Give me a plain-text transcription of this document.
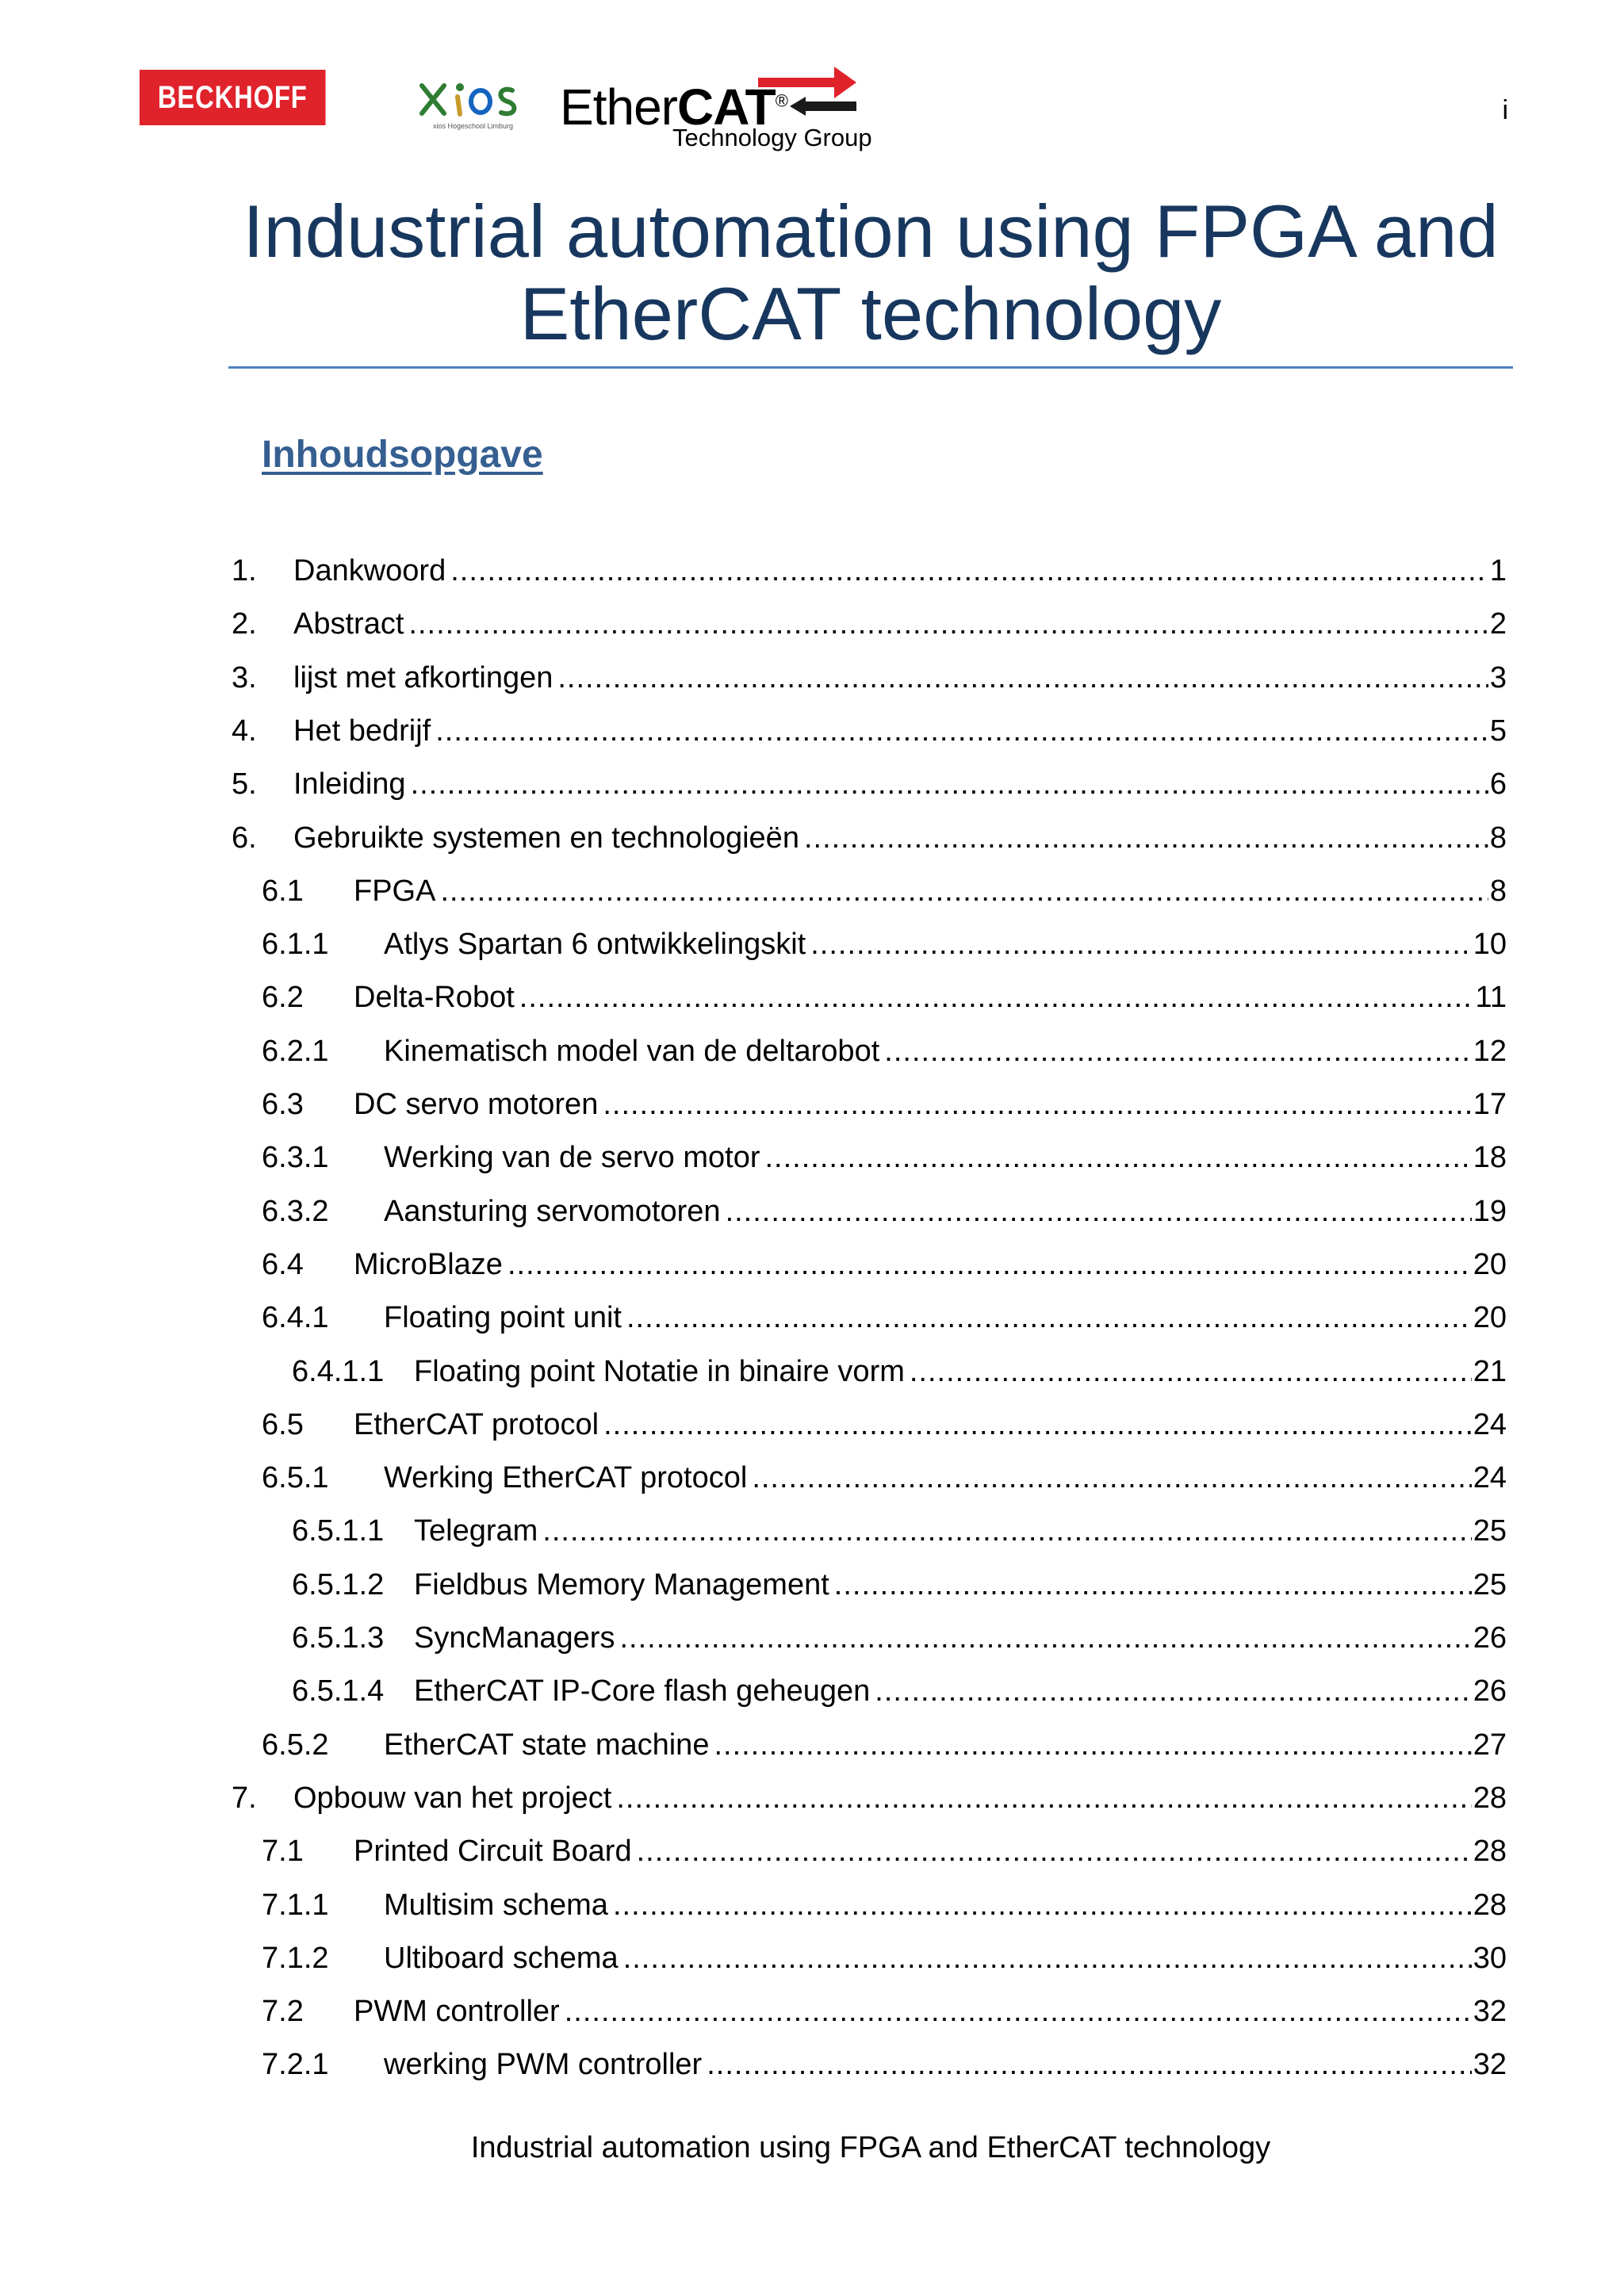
BECKHOFF
xios Hogeschool Limburg EtherCAT®
Technology Group
i
Industrial automation using FPGA and
EtherCAT technology
Inhoudsopgave
1.	Dankwoord .....	1
2.	Abstract .....	2
3.	lijst met afkortingen .....	3
4.	Het bedrijf .....	5
5.	Inleiding .....	6
6.	Gebruikte systemen en technologieën .....	8
6.1	FPGA .....	8
6.1.1	Atlys Spartan 6 ontwikkelingskit .....	10
6.2	Delta-Robot .....	11
6.2.1	Kinematisch model van de deltarobot .....	12
6.3	DC servo motoren .....	17
6.3.1	Werking van de servo motor .....	18
6.3.2	Aansturing servomotoren .....	19
6.4	MicroBlaze .....	20
6.4.1	Floating point unit .....	20
6.4.1.1 Floating point Notatie in binaire vorm .....	21
6.5	EtherCAT protocol .....	24
6.5.1	Werking EtherCAT protocol .....	24
6.5.1.1 Telegram .....	25
6.5.1.2 Fieldbus Memory Management .....	25
6.5.1.3 SyncManagers .....	26
6.5.1.4 EtherCAT IP-Core flash geheugen .....	26
6.5.2	EtherCAT state machine .....	27
7.	Opbouw van het project .....	28
7.1	Printed Circuit Board .....	28
7.1.1	Multisim schema .....	28
7.1.2	Ultiboard schema .....	30
7.2	PWM controller .....	32
7.2.1	werking PWM controller .....	32
Industrial automation using FPGA and EtherCAT technology
